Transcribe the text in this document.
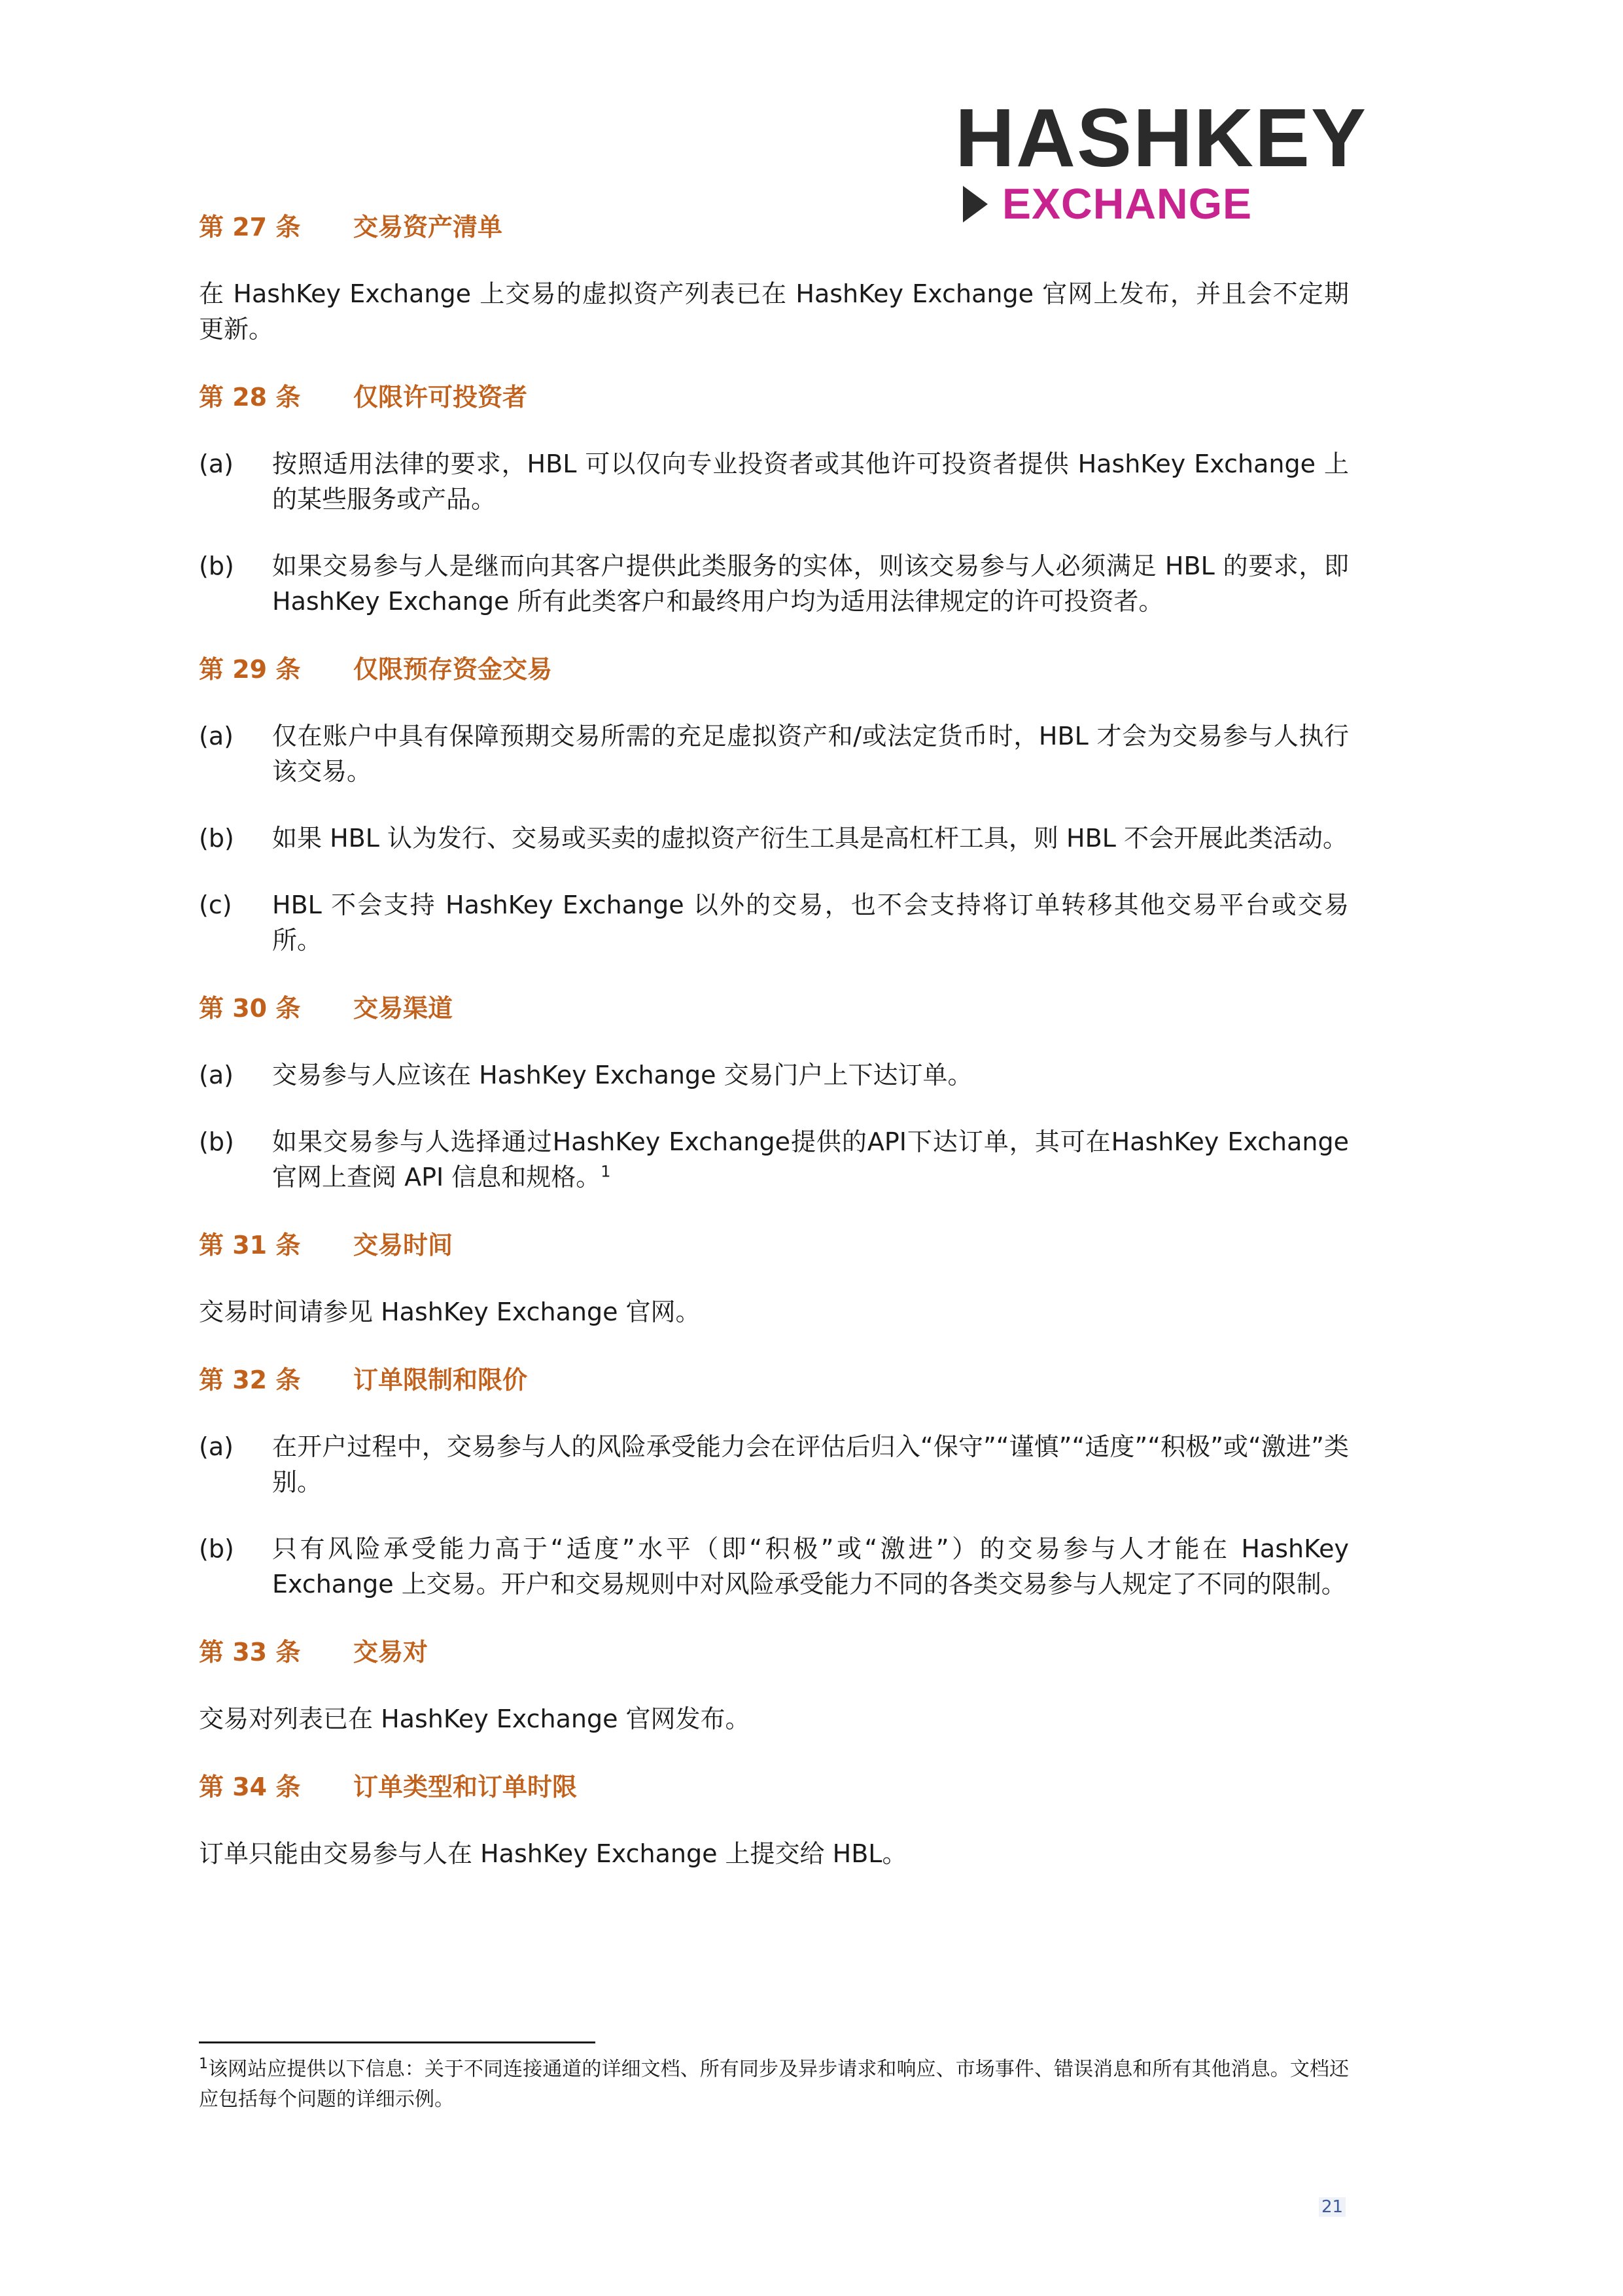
HASHKEY
EXCHANGE
第 27 条	交易资产清单

在 HashKey Exchange 上交易的虚拟资产列表已在 HashKey Exchange 官网上发布，并且会不定期更新。

第 28 条	仅限许可投资者
(a)	按照适用法律的要求，HBL 可以仅向专业投资者或其他许可投资者提供 HashKey Exchange 上的某些服务或产品。
(b)	如果交易参与人是继而向其客户提供此类服务的实体，则该交易参与人必须满足 HBL 的要求，即 HashKey Exchange 所有此类客户和最终用户均为适用法律规定的许可投资者。
第 29 条	仅限预存资金交易
(a)	仅在账户中具有保障预期交易所需的充足虚拟资产和/或法定货币时，HBL 才会为交易参与人执行该交易。
(b)	如果 HBL 认为发行、交易或买卖的虚拟资产衍生工具是高杠杆工具，则 HBL 不会开展此类活动。
(c)	HBL 不会支持 HashKey Exchange 以外的交易，也不会支持将订单转移其他交易平台或交易所。
第 30 条	交易渠道
(a)	交易参与人应该在 HashKey Exchange 交易门户上下达订单。
(b)	如果交易参与人选择通过HashKey Exchange提供的API下达订单，其可在HashKey Exchange官网上查阅 API 信息和规格。$^1$
第 31 条	交易时间

交易时间请参见 HashKey Exchange 官网。

第 32 条	订单限制和限价
(a)	在开户过程中，交易参与人的风险承受能力会在评估后归入“保守”“谨慎”“适度”“积极”或“激进”类别。
(b)	只有风险承受能力高于“适度”水平（即“积极”或“激进”）的交易参与人才能在 HashKey Exchange 上交易。开户和交易规则中对风险承受能力不同的各类交易参与人规定了不同的限制。
第 33 条	交易对

交易对列表已在 HashKey Exchange 官网发布。

第 34 条	订单类型和订单时限

订单只能由交易参与人在 HashKey Exchange 上提交给 HBL。

$^1$该网站应提供以下信息：关于不同连接通道的详细文档、所有同步及异步请求和响应、市场事件、错误消息和所有其他消息。文档还应包括每个问题的详细示例。
21
